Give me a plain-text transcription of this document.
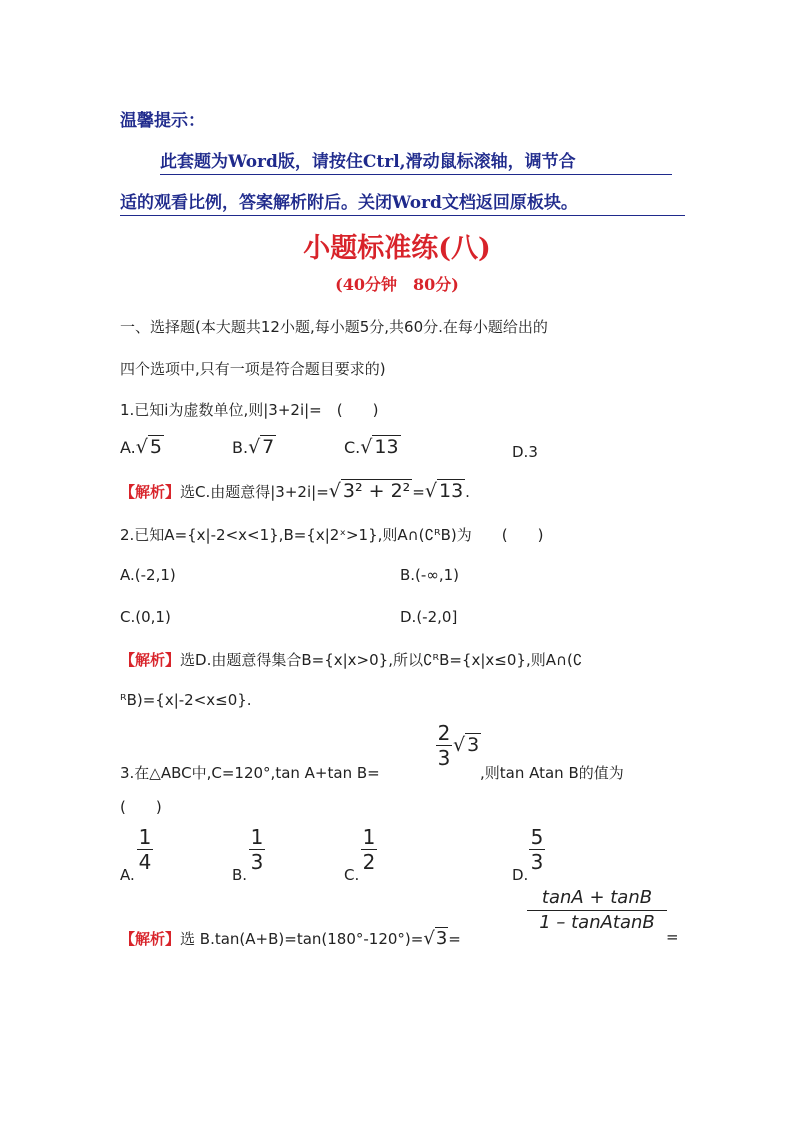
温馨提示：
此套题为Word版，请按住Ctrl,滑动鼠标滚轴，调节合
适的观看比例，答案解析附后。关闭Word文档返回原板块。
小题标准练(八)
(40分钟　80分)
一、选择题(本大题共12小题,每小题5分,共60分.在每小题给出的
四个选项中,只有一项是符合题目要求的)
1.已知i为虚数单位,则|3+2i|=　(　　)
A.√ 5	B.√ 7	C.√ 13	D.3
【解析】选C.由题意得|3+2i|=√ 3² + 2² =√ 13 .
2.已知A={x|-2<x<1},B={x|2ˣ>1},则A∩(∁ᴿB)为　　(　　)
A.(-2,1)	B.(-∞,1)
C.(0,1)	D.(-2,0]
【解析】选D.由题意得集合B={x|x>0},所以∁ᴿB={x|x≤0},则A∩(∁
ᴿB)={x|-2<x≤0}.
3.在△ABC中,C=120°,tan A+tan B=
2
3
√ 3
,则tan Atan B的值为
(　　)
A.
1
4
B.
1
3
C.
1
2
D.
5
3
【解析】选 B.tan(A+B)=tan(180°-120°)=√3=
tanA + tanB
1 – tanAtanB
=
